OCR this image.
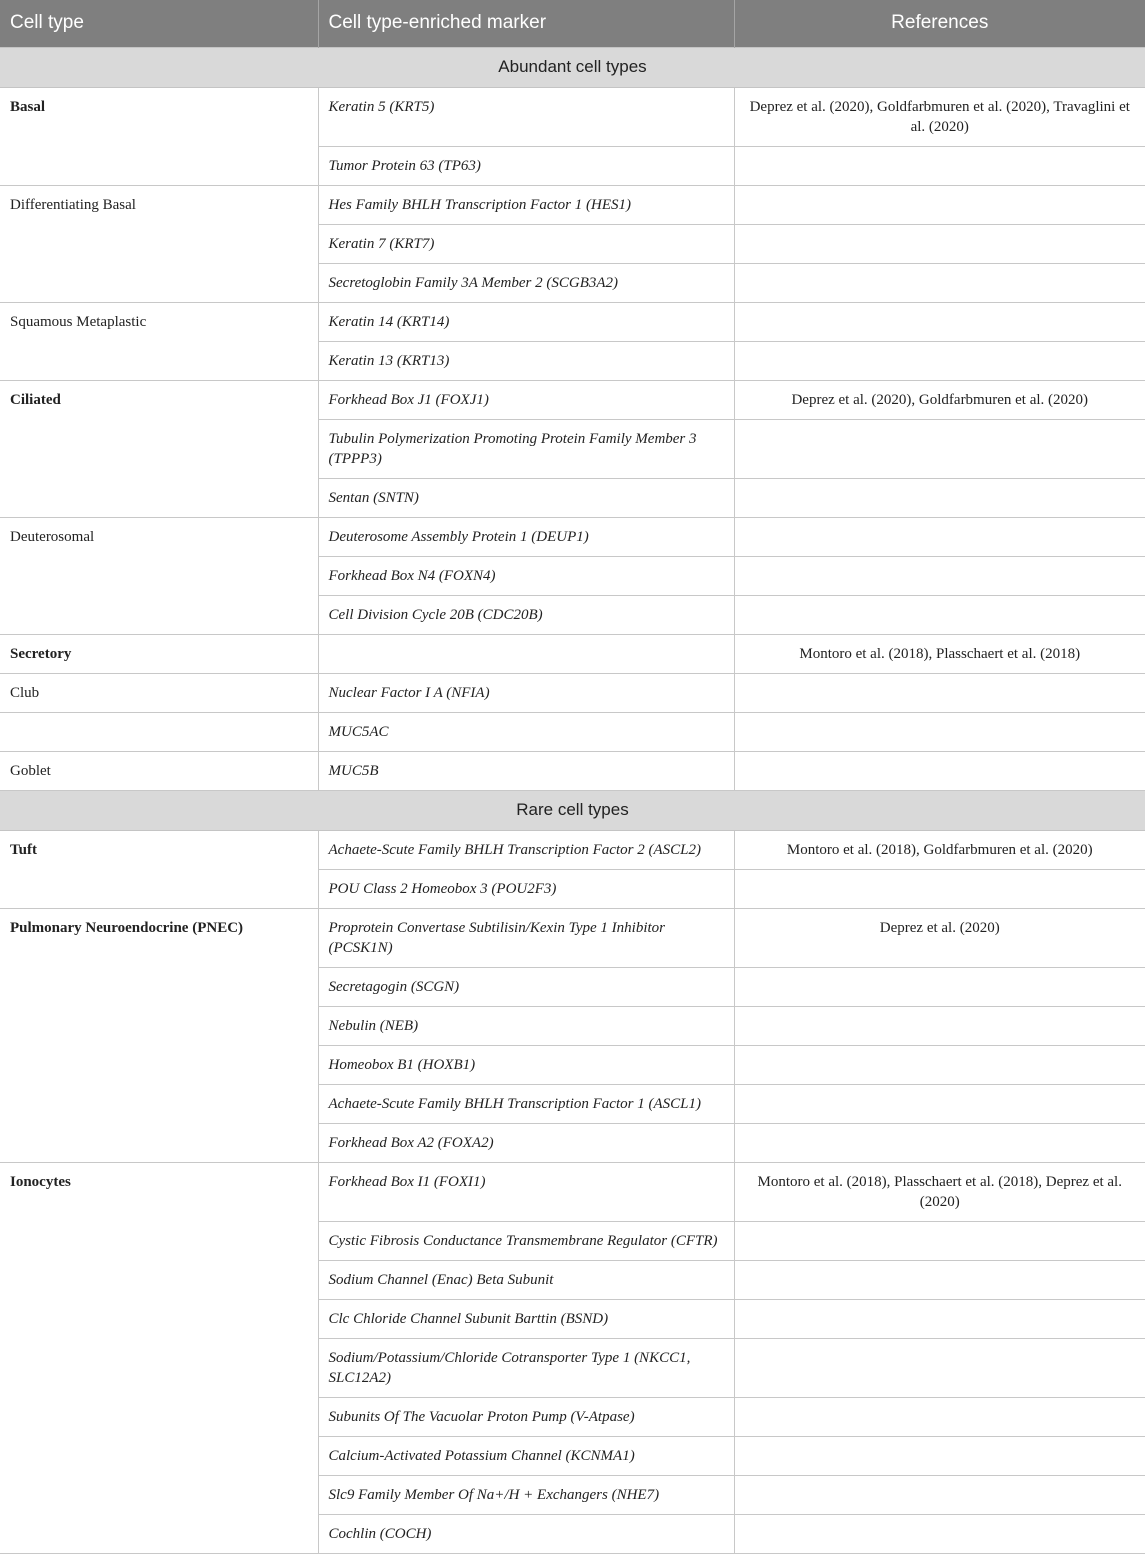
Cell type	Cell type-enriched marker	References
Abundant cell types		
Basal	Keratin 5 (KRT5)	Deprez et al. (2020), Goldfarbmuren et al. (2020), Travaglini et al. (2020)
	Tumor Protein 63 (TP63)	
Differentiating Basal	Hes Family BHLH Transcription Factor 1 (HES1)	
	Keratin 7 (KRT7)	
	Secretoglobin Family 3A Member 2 (SCGB3A2)	
Squamous Metaplastic	Keratin 14 (KRT14)	
	Keratin 13 (KRT13)	
Ciliated	Forkhead Box J1 (FOXJ1)	Deprez et al. (2020), Goldfarbmuren et al. (2020)
	Tubulin Polymerization Promoting Protein Family Member 3 (TPPP3)	
	Sentan (SNTN)	
Deuterosomal	Deuterosome Assembly Protein 1 (DEUP1)	
	Forkhead Box N4 (FOXN4)	
	Cell Division Cycle 20B (CDC20B)	
Secretory		Montoro et al. (2018), Plasschaert et al. (2018)
Club	Nuclear Factor I A (NFIA)	
	MUC5AC	
Goblet	MUC5B	
Rare cell types		
Tuft	Achaete-Scute Family BHLH Transcription Factor 2 (ASCL2)	Montoro et al. (2018), Goldfarbmuren et al. (2020)
	POU Class 2 Homeobox 3 (POU2F3)	
Pulmonary Neuroendocrine (PNEC)	Proprotein Convertase Subtilisin/Kexin Type 1 Inhibitor (PCSK1N)	Deprez et al. (2020)
	Secretagogin (SCGN)	
	Nebulin (NEB)	
	Homeobox B1 (HOXB1)	
	Achaete-Scute Family BHLH Transcription Factor 1 (ASCL1)	
	Forkhead Box A2 (FOXA2)	
Ionocytes	Forkhead Box I1 (FOXI1)	Montoro et al. (2018), Plasschaert et al. (2018), Deprez et al. (2020)
	Cystic Fibrosis Conductance Transmembrane Regulator (CFTR)	
	Sodium Channel (Enac) Beta Subunit	
	Clc Chloride Channel Subunit Barttin (BSND)	
	Sodium/Potassium/Chloride Cotransporter Type 1 (NKCC1, SLC12A2)	
	Subunits Of The Vacuolar Proton Pump (V-Atpase)	
	Calcium-Activated Potassium Channel (KCNMA1)	
	Slc9 Family Member Of Na+/H + Exchangers (NHE7)	
	Cochlin (COCH)	
